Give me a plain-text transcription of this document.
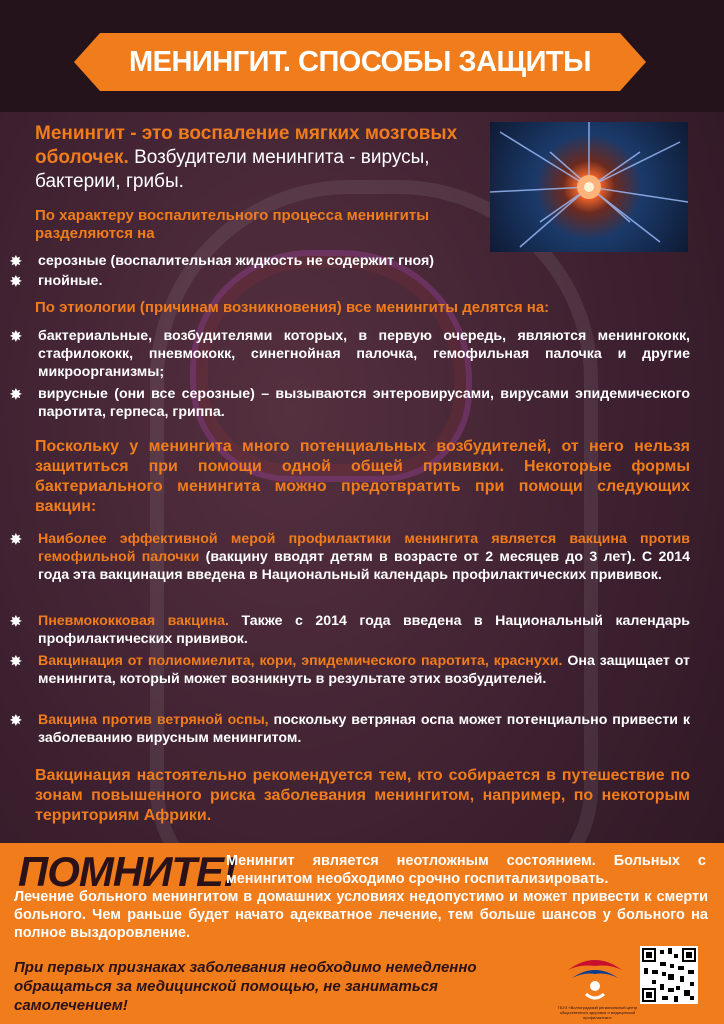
МЕНИНГИТ. СПОСОБЫ ЗАЩИТЫ
Менингит - это воспаление мягких мозговых оболочек. Возбудители менингита - вирусы, бактерии, грибы.
По характеру воспалительного процесса менингиты разделяются на
✸ серозные (воспалительная жидкость не содержит гноя)
✸ гнойные.
По этиологии (причинам возникновения) все менингиты делятся на:
✸ бактериальные, возбудителями которых, в первую очередь, являются менингококк, стафилококк, пневмококк, синегнойная палочка, гемофильная палочка и другие микроорганизмы;
✸ вирусные (они все серозные) – вызываются энтеровирусами, вирусами эпидемического паротита, герпеса, гриппа.
Поскольку у менингита много потенциальных возбудителей, от него нельзя защититься при помощи одной общей прививки. Некоторые формы бактериального менингита можно предотвратить при помощи следующих вакцин:
✸ Наиболее эффективной мерой профилактики менингита является вакцина против гемофильной палочки (вакцину вводят детям в возрасте от 2 месяцев до 3 лет). С 2014 года эта вакцинация введена в Национальный календарь профилактических прививок.
✸ Пневмококковая вакцина. Также с 2014 года введена в Национальный календарь профилактических прививок.
✸ Вакцинация от полиомиелита, кори, эпидемического паротита, краснухи. Она защищает от менингита, который может возникнуть в результате этих возбудителей.
✸ Вакцина против ветряной оспы, поскольку ветряная оспа может потенциально привести к заболеванию вирусным менингитом.
Вакцинация настоятельно рекомендуется тем, кто собирается в путешествие по зонам повышенного риска заболевания менингитом, например, по некоторым территориям Африки.
ПОМНИТЕ!
Менингит является неотложным состоянием. Больных с менингитом необходимо срочно госпитализировать.
Лечение больного менингитом в домашних условиях недопустимо и может привести к смерти больного. Чем раньше будет начато адекватное лечение, тем больше шансов у больного на полное выздоровление.
При первых признаках заболевания необходимо немедленно обращаться за медицинской помощью, не заниматься самолечением!	ГБУЗ «Волгоградский региональный центр общественного здоровья и медицинской профилактики»
